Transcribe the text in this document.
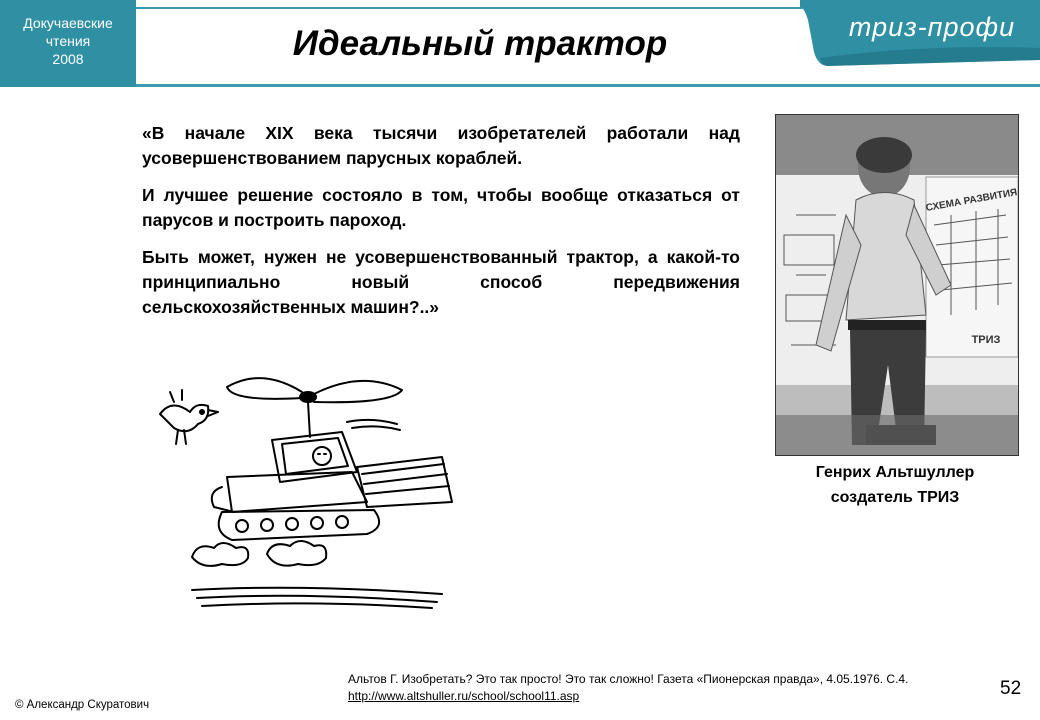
Докучаевские
чтения
2008
триз-профи
Идеальный трактор

«В начале XIX века тысячи изобретателей работали над усовершенствованием парусных кораблей.

И лучшее решение состояло в том, чтобы вообще отказаться от парусов и построить пароход.

Быть может, нужен не усовершенствованный трактор, а какой-то принципиально новый способ передвижения сельскохозяйственных машин?..»

СХЕМА РАЗВИТИЯ
ТРИЗ
Генрих Альтшуллер
создатель ТРИЗ
Альтов Г. Изобретать? Это так просто! Это так сложно! Газета «Пионерская правда», 4.05.1976. С.4.
http://www.altshuller.ru/school/school11.asp
© Александр Скуратович
52
